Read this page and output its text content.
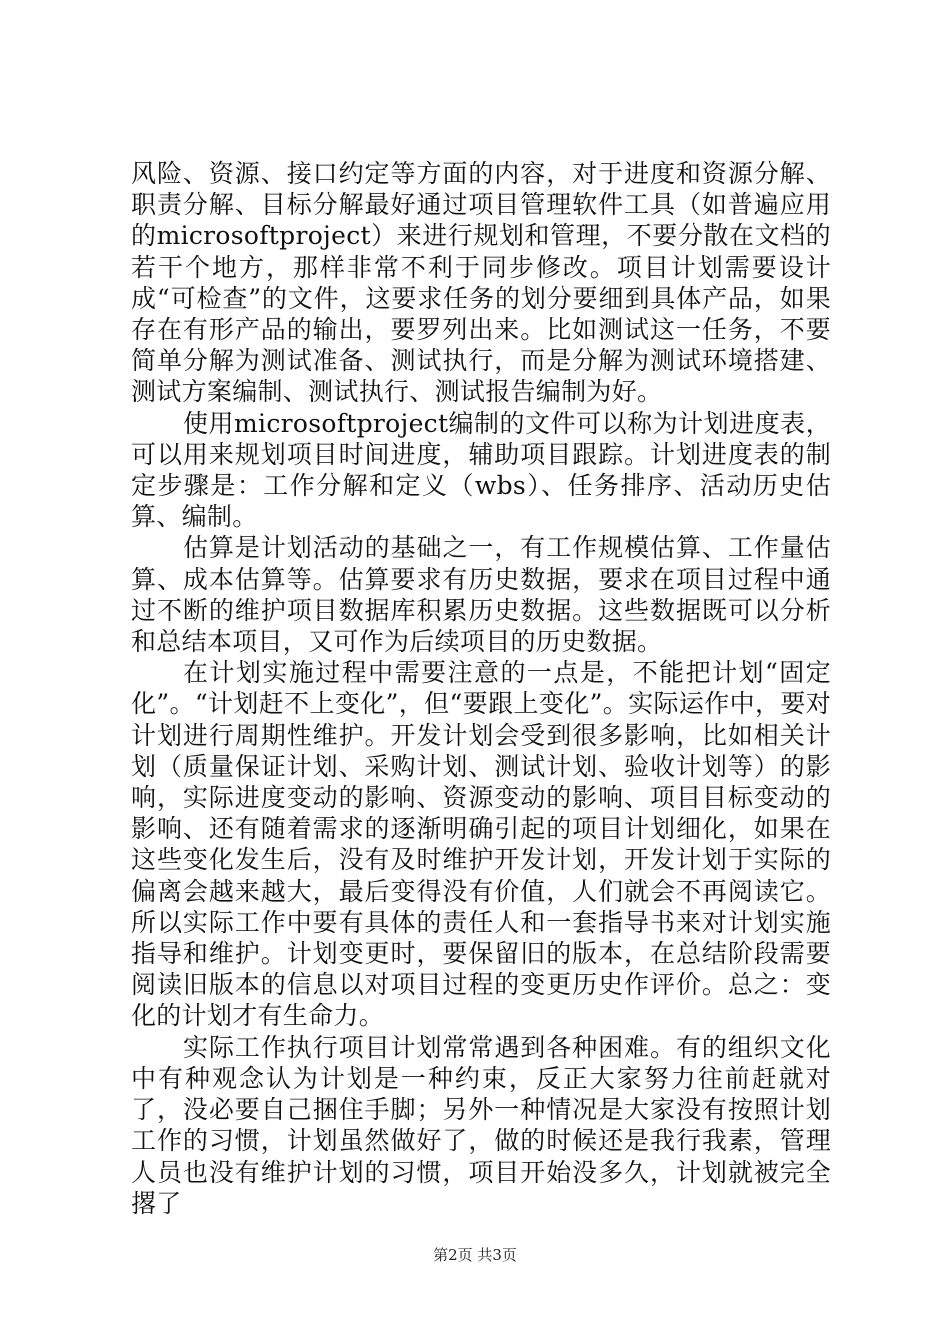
风险、资源、接口约定等方面的内容，对于进度和资源分解、职责分解、目标分解最好通过项目管理软件工具（如普遍应用的microsoftproject）来进行规划和管理，不要分散在文档的若干个地方，那样非常不利于同步修改。项目计划需要设计成“可检查”的文件，这要求任务的划分要细到具体产品，如果存在有形产品的输出，要罗列出来。比如测试这一任务，不要简单分解为测试准备、测试执行，而是分解为测试环境搭建、测试方案编制、测试执行、测试报告编制为好。

使用microsoftproject编制的文件可以称为计划进度表，可以用来规划项目时间进度，辅助项目跟踪。计划进度表的制定步骤是：工作分解和定义（wbs）、任务排序、活动历史估算、编制。

估算是计划活动的基础之一，有工作规模估算、工作量估算、成本估算等。估算要求有历史数据，要求在项目过程中通过不断的维护项目数据库积累历史数据。这些数据既可以分析和总结本项目，又可作为后续项目的历史数据。

在计划实施过程中需要注意的一点是，不能把计划“固定化”。“计划赶不上变化”，但“要跟上变化”。实际运作中，要对计划进行周期性维护。开发计划会受到很多影响，比如相关计划（质量保证计划、采购计划、测试计划、验收计划等）的影响，实际进度变动的影响、资源变动的影响、项目目标变动的影响、还有随着需求的逐渐明确引起的项目计划细化，如果在这些变化发生后，没有及时维护开发计划，开发计划于实际的偏离会越来越大，最后变得没有价值，人们就会不再阅读它。所以实际工作中要有具体的责任人和一套指导书来对计划实施指导和维护。计划变更时，要保留旧的版本，在总结阶段需要阅读旧版本的信息以对项目过程的变更历史作评价。总之：变化的计划才有生命力。

实际工作执行项目计划常常遇到各种困难。有的组织文化中有种观念认为计划是一种约束，反正大家努力往前赶就对了，没必要自己捆住手脚；另外一种情况是大家没有按照计划工作的习惯，计划虽然做好了，做的时候还是我行我素，管理人员也没有维护计划的习惯，项目开始没多久，计划就被完全撂了

第2页 共3页
